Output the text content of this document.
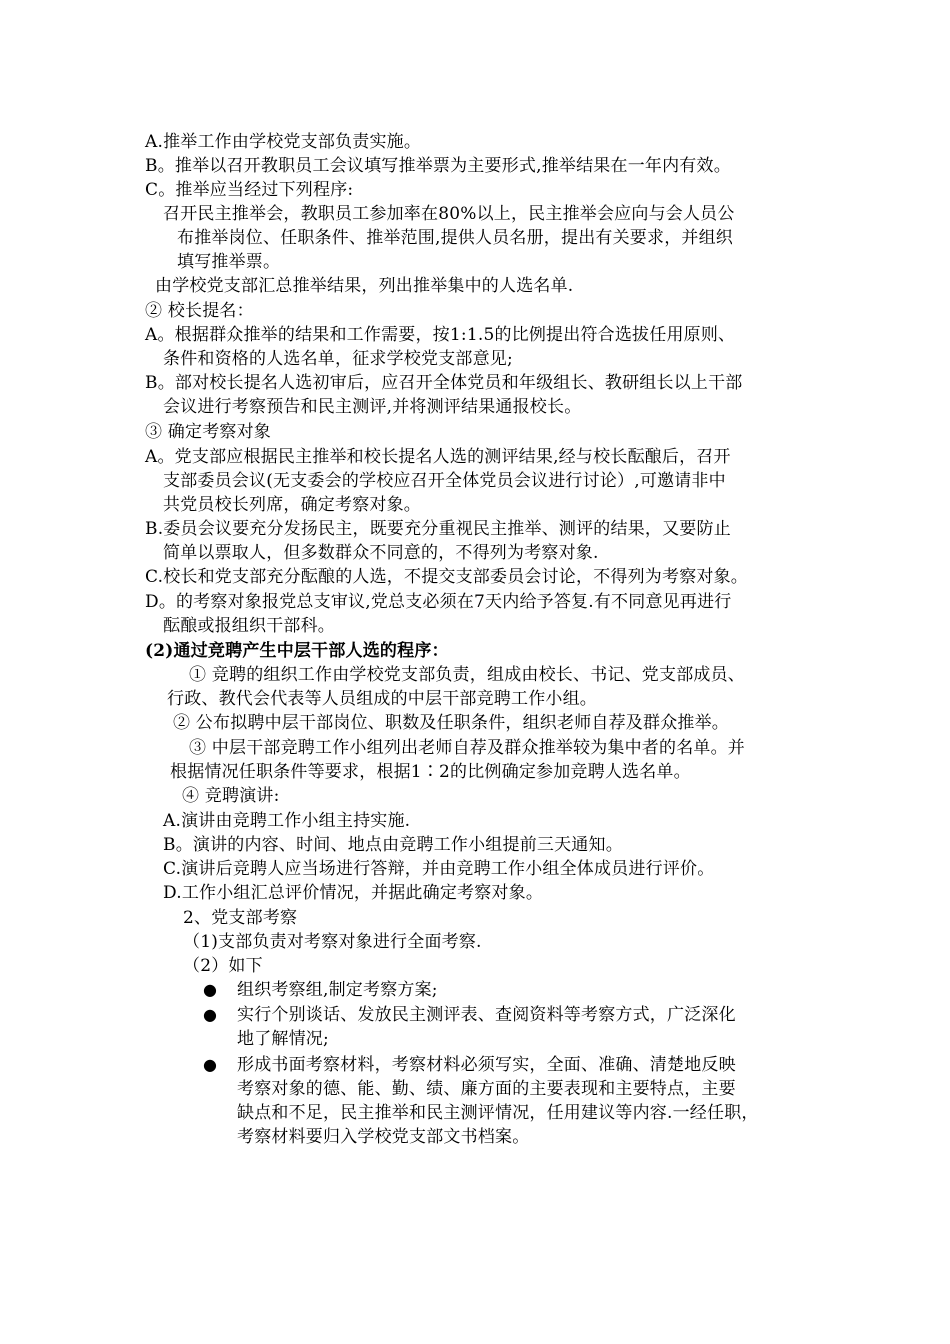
A.推举工作由学校党支部负责实施。
B。推举以召开教职员工会议填写推举票为主要形式,推举结果在一年内有效。
C。推举应当经过下列程序:
召开民主推举会，教职员工参加率在80%以上，民主推举会应向与会人员公
布推举岗位、任职条件、推举范围,提供人员名册，提出有关要求，并组织
填写推举票。
由学校党支部汇总推举结果，列出推举集中的人选名单.
② 校长提名：
A。根据群众推举的结果和工作需要，按1:1.5的比例提出符合选拔任用原则、
条件和资格的人选名单，征求学校党支部意见;
B。部对校长提名人选初审后，应召开全体党员和年级组长、教研组长以上干部
会议进行考察预告和民主测评,并将测评结果通报校长。
③ 确定考察对象
A。党支部应根据民主推举和校长提名人选的测评结果,经与校长酝酿后，召开
支部委员会议(无支委会的学校应召开全体党员会议进行讨论）,可邀请非中
共党员校长列席，确定考察对象。
B.委员会议要充分发扬民主，既要充分重视民主推举、测评的结果，又要防止
简单以票取人，但多数群众不同意的，不得列为考察对象.
C.校长和党支部充分酝酿的人选，不提交支部委员会讨论，不得列为考察对象。
D。的考察对象报党总支审议,党总支必须在7天内给予答复.有不同意见再进行
酝酿或报组织干部科。
(2)通过竞聘产生中层干部人选的程序：
① 竞聘的组织工作由学校党支部负责，组成由校长、书记、党支部成员、
行政、教代会代表等人员组成的中层干部竞聘工作小组。
② 公布拟聘中层干部岗位、职数及任职条件，组织老师自荐及群众推举。
③ 中层干部竞聘工作小组列出老师自荐及群众推举较为集中者的名单。并
根据情况任职条件等要求，根据1∶2的比例确定参加竞聘人选名单。
④ 竞聘演讲:
A.演讲由竞聘工作小组主持实施.
B。演讲的内容、时间、地点由竞聘工作小组提前三天通知。
C.演讲后竞聘人应当场进行答辩，并由竞聘工作小组全体成员进行评价。
D.工作小组汇总评价情况，并据此确定考察对象。
2、党支部考察
（1)支部负责对考察对象进行全面考察.
（2）如下
● 组织考察组,制定考察方案;
● 实行个别谈话、发放民主测评表、查阅资料等考察方式，广泛深化
地了解情况;
● 形成书面考察材料，考察材料必须写实，全面、准确、清楚地反映
考察对象的德、能、勤、绩、廉方面的主要表现和主要特点，主要
缺点和不足，民主推举和民主测评情况，任用建议等内容.一经任职，
考察材料要归入学校党支部文书档案。
